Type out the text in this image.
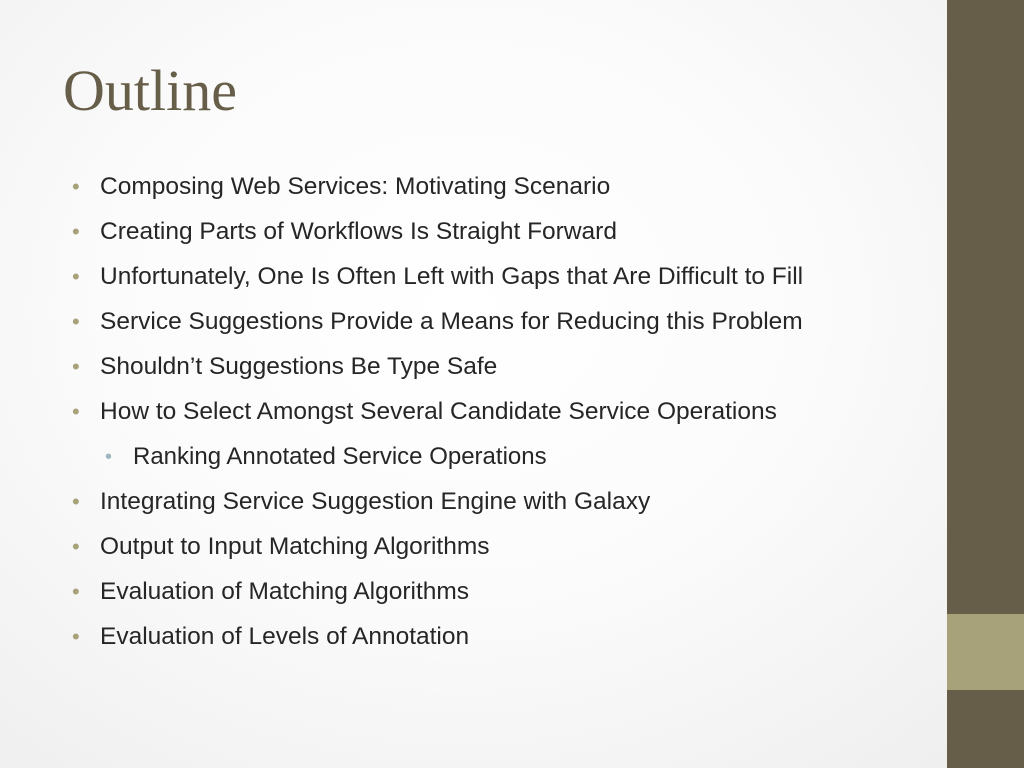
Outline
• Composing Web Services: Motivating Scenario
• Creating Parts of Workflows Is Straight Forward
• Unfortunately, One Is Often Left with Gaps that Are Difficult to Fill
• Service Suggestions Provide a Means for Reducing this Problem
• Shouldn’t Suggestions Be Type Safe
• How to Select Amongst Several Candidate Service Operations
• Ranking Annotated Service Operations
• Integrating Service Suggestion Engine with Galaxy
• Output to Input Matching Algorithms
• Evaluation of Matching Algorithms
• Evaluation of Levels of Annotation
